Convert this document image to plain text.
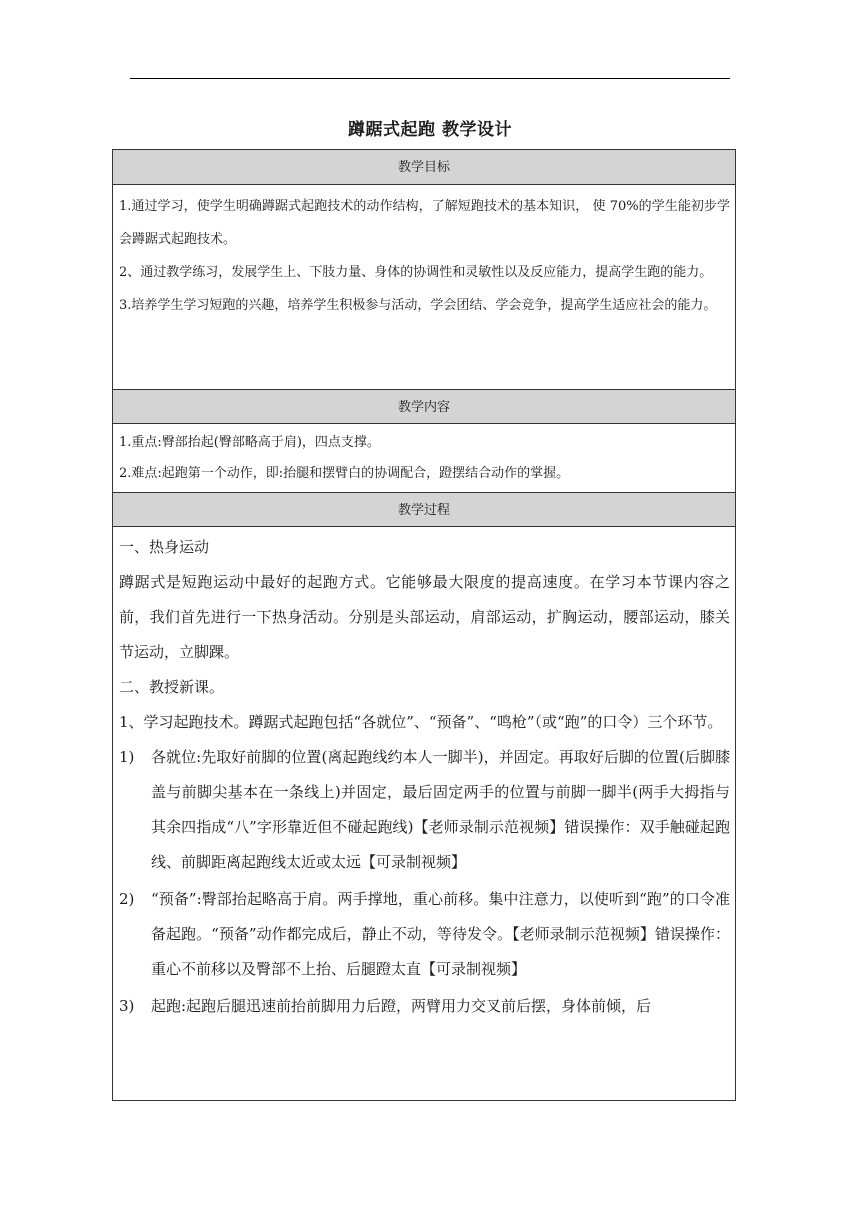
蹲踞式起跑 教学设计
教学目标

1.通过学习，使学生明确蹲踞式起跑技术的动作结构，了解短跑技术的基本知识， 使 70%的学生能初步学会蹲踞式起跑技术。

2、通过教学练习，发展学生上、下肢力量、身体的协调性和灵敏性以及反应能力，提高学生跑的能力。

3.培养学生学习短跑的兴趣，培养学生积极参与活动，学会团结、学会竞争，提高学生适应社会的能力。

教学内容

1.重点:臀部抬起(臀部略高于肩)，四点支撑。

2.难点:起跑第一个动作，即:抬腿和摆臂白的协调配合，蹬摆结合动作的掌握。

教学过程

一、热身运动

蹲踞式是短跑运动中最好的起跑方式。它能够最大限度的提高速度。在学习本节课内容之前，我们首先进行一下热身活动。分别是头部运动，肩部运动，扩胸运动，腰部运动，膝关节运动，立脚踝。

二、教授新课。

1、学习起跑技术。蹲踞式起跑包括“各就位”、“预备”、“鸣枪”（或“跑”的口令）三个环节。

1)	各就位:先取好前脚的位置(离起跑线约本人一脚半)，并固定。再取好后脚的位置(后脚膝盖与前脚尖基本在一条线上)并固定，最后固定两手的位置与前脚一脚半(两手大拇指与其余四指成“八”字形靠近但不碰起跑线)【老师录制示范视频】错误操作：双手触碰起跑线、前脚距离起跑线太近或太远【可录制视频】
2)	“预备”:臀部抬起略高于肩。两手撑地，重心前移。集中注意力，以使听到“跑”的口令准备起跑。“预备”动作都完成后，静止不动，等待发令。【老师录制示范视频】错误操作：重心不前移以及臀部不上抬、后腿蹬太直【可录制视频】
3)	起跑:起跑后腿迅速前抬前脚用力后蹬，两臂用力交叉前后摆，身体前倾，后
